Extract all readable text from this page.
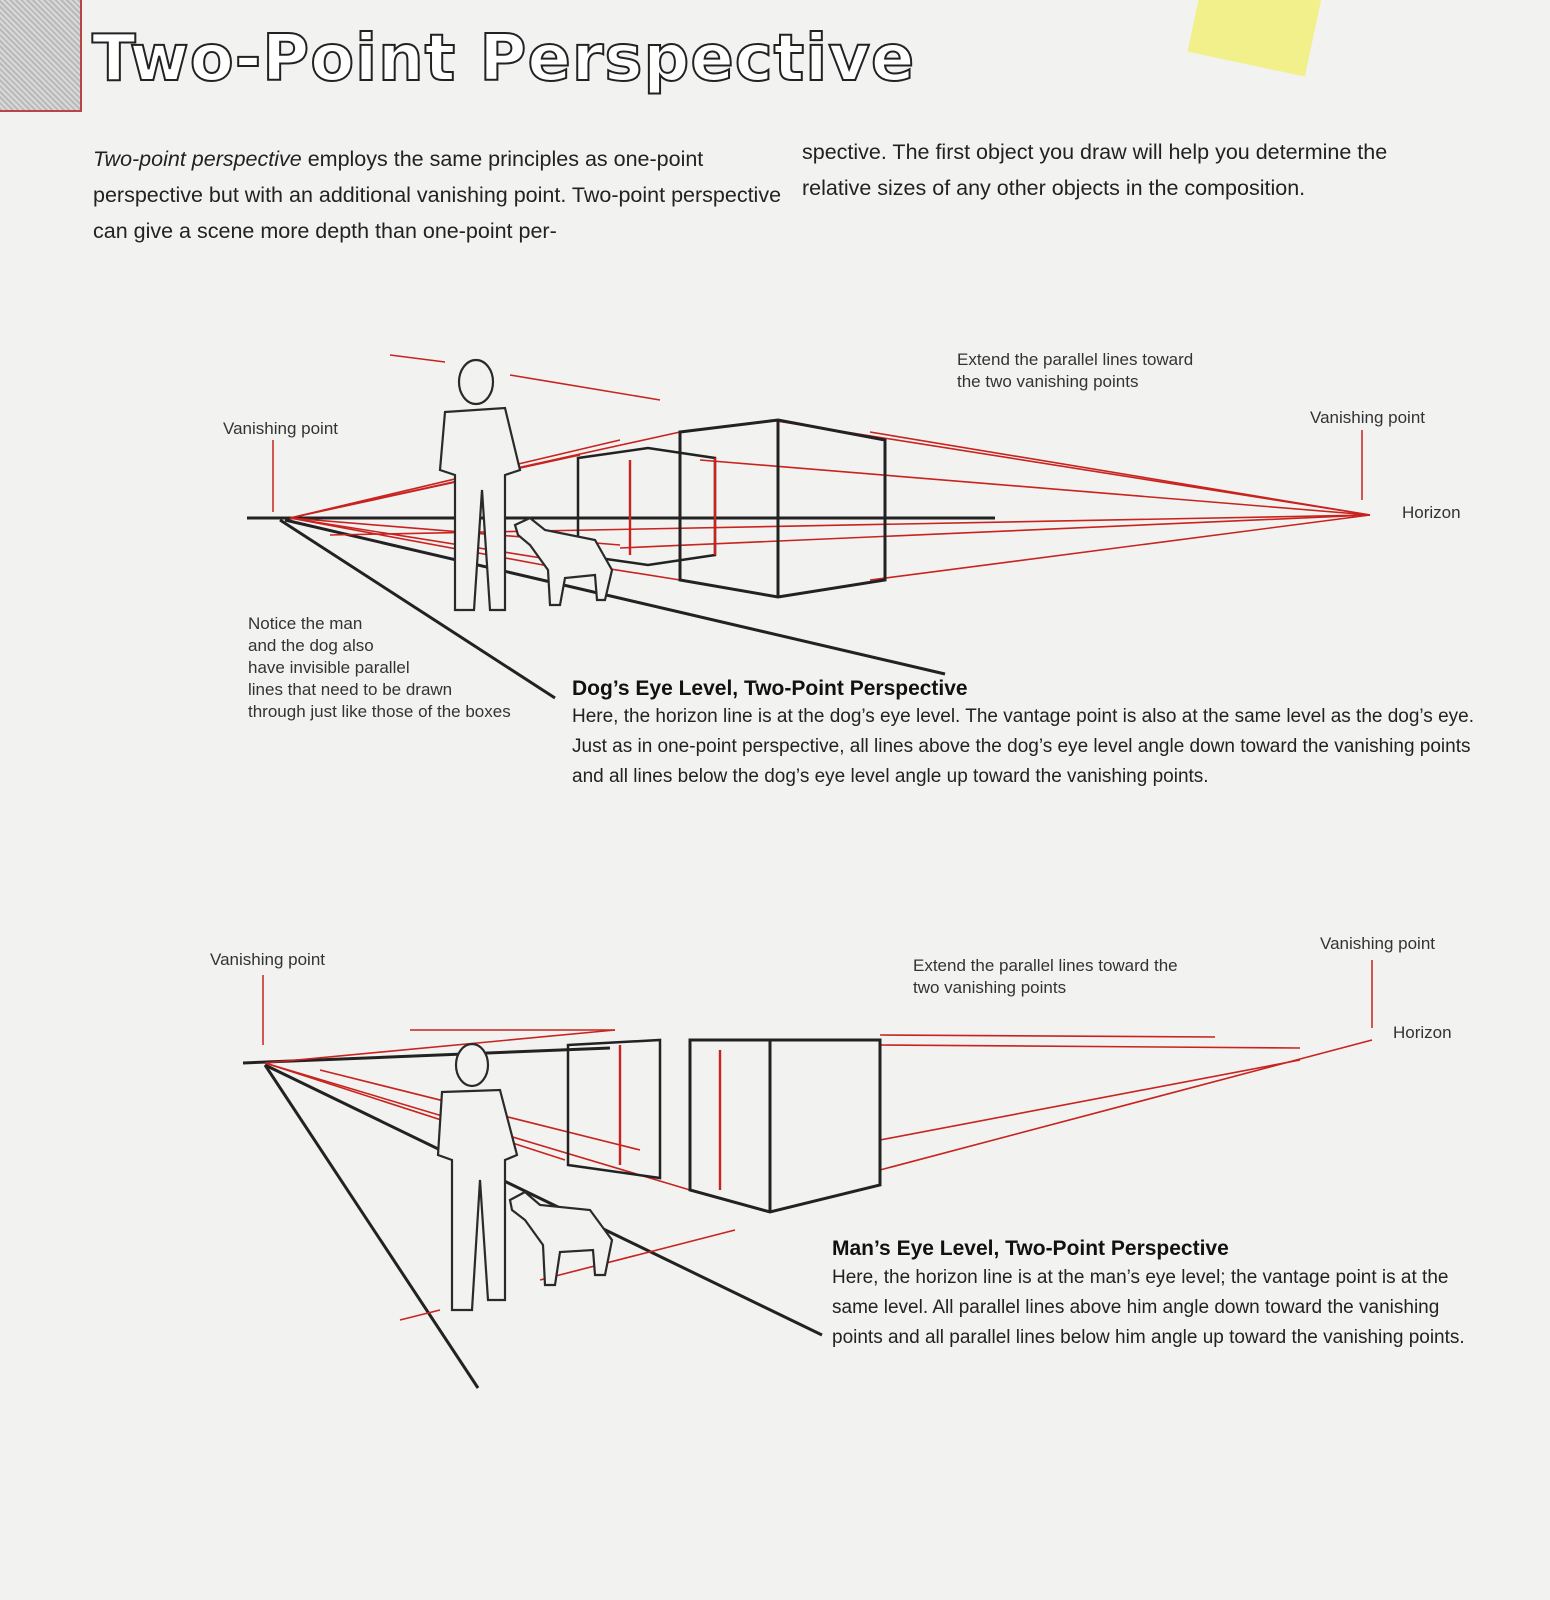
Two-Point Perspective
Two-point perspective employs the same principles as one-point perspective but with an additional vanishing point. Two-point perspective can give a scene more depth than one-point per-
spective. The first object you draw will help you determine the relative sizes of any other objects in the composition.
Vanishing point
Vanishing point
Horizon
Extend the parallel lines toward
the two vanishing points
Notice the man
and the dog also
have invisible parallel
lines that need to be drawn
through just like those of the boxes
Dog’s Eye Level, Two-Point Perspective
Here, the horizon line is at the dog’s eye level. The vantage point is also at the same level as the dog’s eye. Just as in one-point perspective, all lines above the dog’s eye level angle down toward the vanishing points and all lines below the dog’s eye level angle up toward the vanishing points.
Vanishing point
Vanishing point
Horizon
Extend the parallel lines toward the
two vanishing points
Man’s Eye Level, Two-Point Perspective
Here, the horizon line is at the man’s eye level; the vantage point is at the same level. All parallel lines above him angle down toward the vanishing points and all parallel lines below him angle up toward the vanishing points.
